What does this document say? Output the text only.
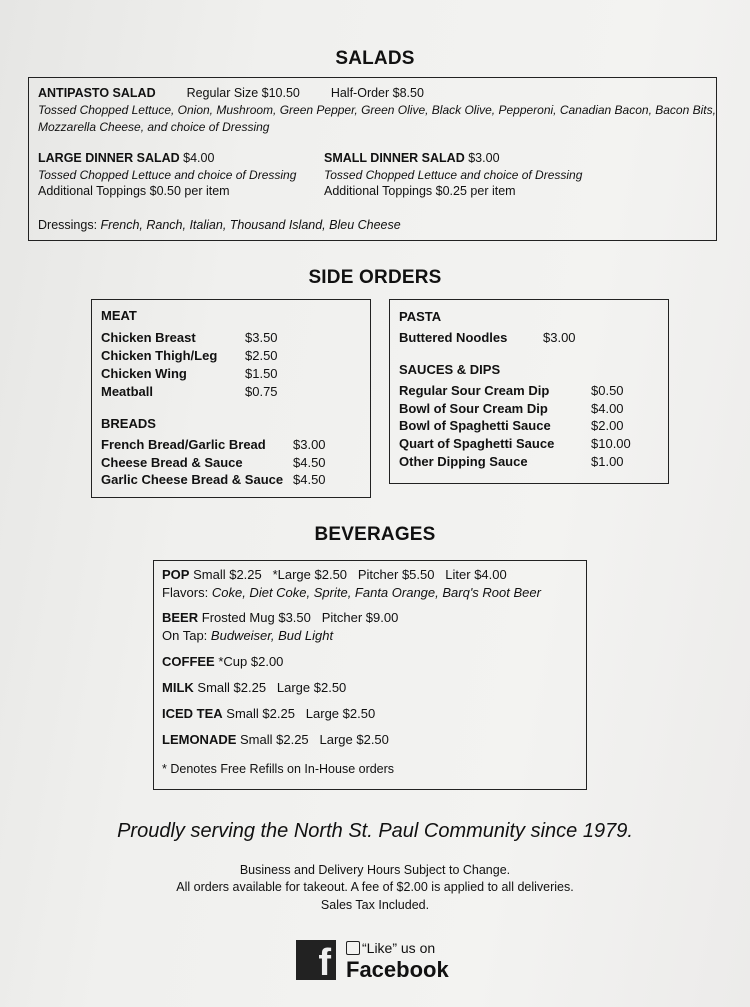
SALADS
ANTIPASTO SALAD Regular Size $10.50 Half-Order $8.50
Tossed Chopped Lettuce, Onion, Mushroom, Green Pepper, Green Olive, Black Olive, Pepperoni, Canadian Bacon, Bacon Bits,
Mozzarella Cheese, and choice of Dressing
LARGE DINNER SALAD $4.00
Tossed Chopped Lettuce and choice of Dressing
Additional Toppings $0.50 per item
SMALL DINNER SALAD $3.00
Tossed Chopped Lettuce and choice of Dressing
Additional Toppings $0.25 per item
Dressings: French, Ranch, Italian, Thousand Island, Bleu Cheese
SIDE ORDERS
MEAT
Chicken Breast	$3.50
Chicken Thigh/Leg $2.50
Chicken Wing	$1.50
Meatball	$0.75
BREADS
French Bread/Garlic Bread $3.00
Cheese Bread & Sauce	$4.50
Garlic Cheese Bread & Sauce $4.50
PASTA
Buttered Noodles	$3.00
SAUCES & DIPS
Regular Sour Cream Dip	$0.50
Bowl of Sour Cream Dip	$4.00
Bowl of Spaghetti Sauce	$2.00
Quart of Spaghetti Sauce	$10.00
Other Dipping Sauce	$1.00
BEVERAGES
POP Small $2.25   *Large $2.50   Pitcher $5.50   Liter $4.00
Flavors: Coke, Diet Coke, Sprite, Fanta Orange, Barq's Root Beer
BEER Frosted Mug $3.50   Pitcher $9.00
On Tap: Budweiser, Bud Light
COFFEE *Cup $2.00
MILK Small $2.25   Large $2.50
ICED TEA Small $2.25   Large $2.50
LEMONADE Small $2.25   Large $2.50
* Denotes Free Refills on In-House orders
Proudly serving the North St. Paul Community since 1979.
Business and Delivery Hours Subject to Change.
All orders available for takeout. A fee of $2.00 is applied to all deliveries.
Sales Tax Included.
f	“Like” us on
Facebook
